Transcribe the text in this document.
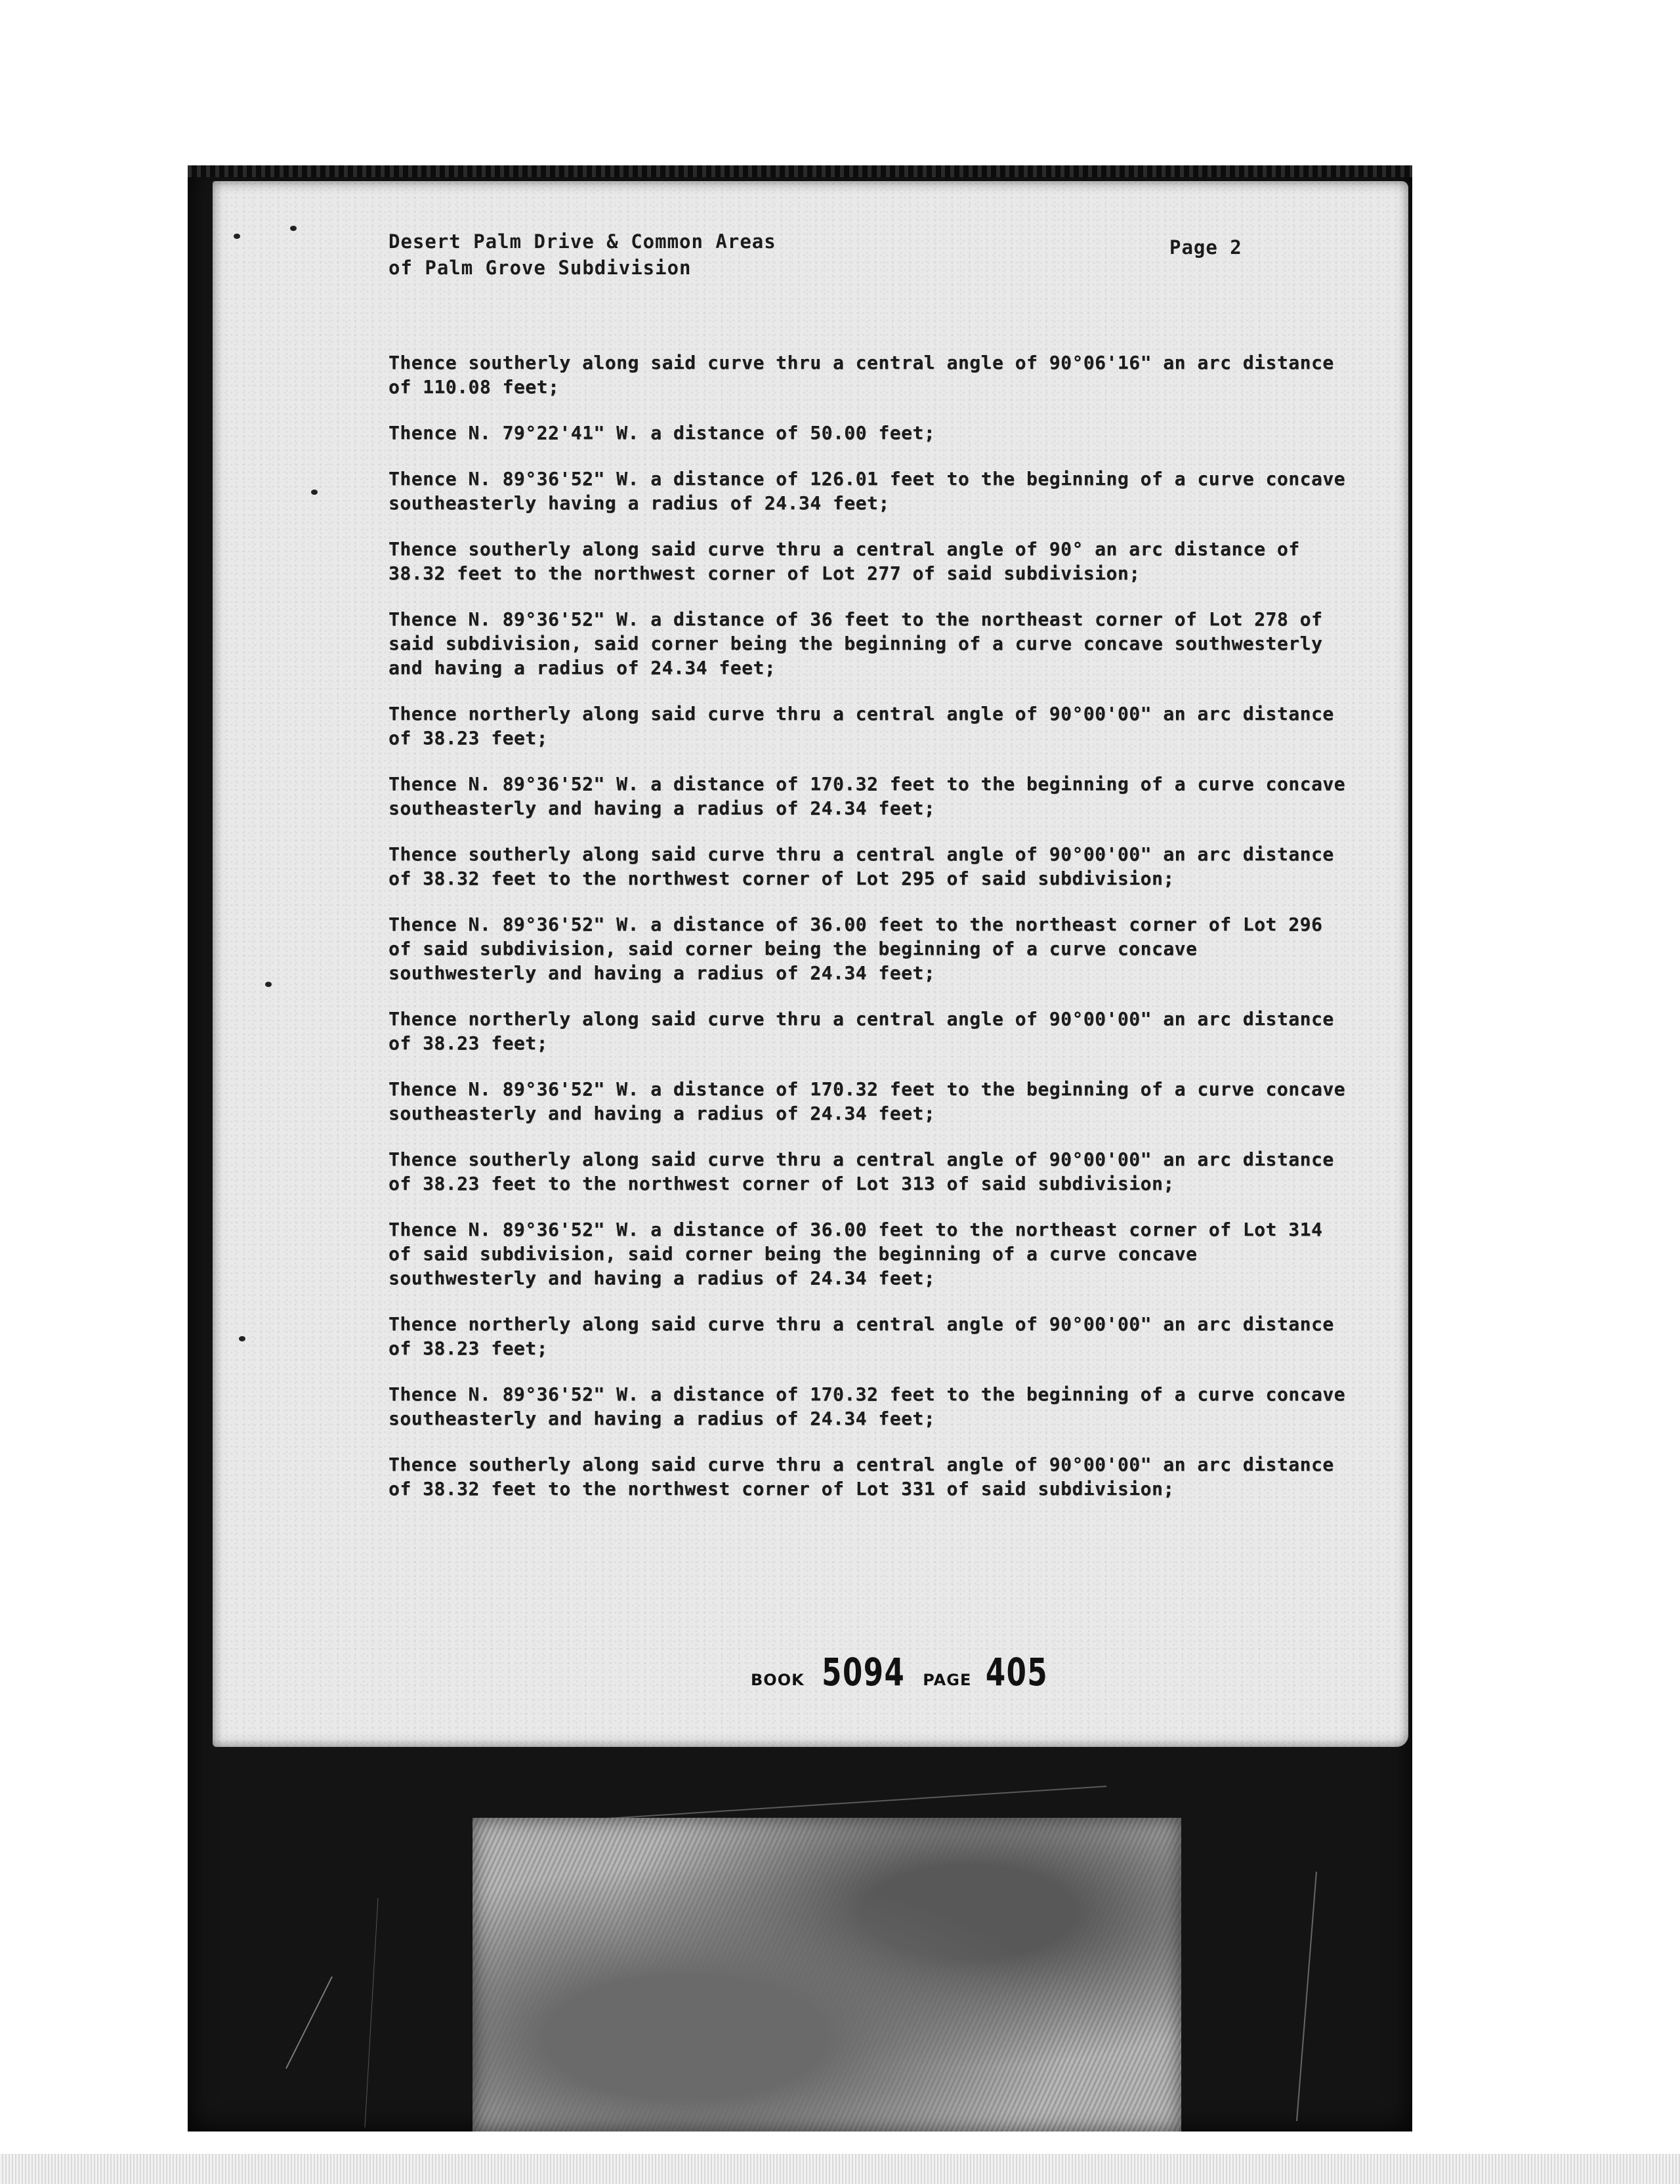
Desert Palm Drive & Common Areas
of Palm Grove Subdivision
Page 2

Thence southerly along said curve thru a central angle of 90°06'16" an arc distance of 110.08 feet;

Thence N. 79°22'41" W. a distance of 50.00 feet;

Thence N. 89°36'52" W. a distance of 126.01 feet to the beginning of a curve concave southeasterly having a radius of 24.34 feet;

Thence southerly along said curve thru a central angle of 90° an arc distance of 38.32 feet to the northwest corner of Lot 277 of said subdivision;

Thence N. 89°36'52" W. a distance of 36 feet to the northeast corner of Lot 278 of said subdivision, said corner being the beginning of a curve concave southwesterly and having a radius of 24.34 feet;

Thence northerly along said curve thru a central angle of 90°00'00" an arc distance of 38.23 feet;

Thence N. 89°36'52" W. a distance of 170.32 feet to the beginning of a curve concave southeasterly and having a radius of 24.34 feet;

Thence southerly along said curve thru a central angle of 90°00'00" an arc distance of 38.32 feet to the northwest corner of Lot 295 of said subdivision;

Thence N. 89°36'52" W. a distance of 36.00 feet to the northeast corner of Lot 296 of said subdivision, said corner being the beginning of a curve concave southwesterly and having a radius of 24.34 feet;

Thence northerly along said curve thru a central angle of 90°00'00" an arc distance of 38.23 feet;

Thence N. 89°36'52" W. a distance of 170.32 feet to the beginning of a curve concave southeasterly and having a radius of 24.34 feet;

Thence southerly along said curve thru a central angle of 90°00'00" an arc distance of 38.23 feet to the northwest corner of Lot 313 of said subdivision;

Thence N. 89°36'52" W. a distance of 36.00 feet to the northeast corner of Lot 314 of said subdivision, said corner being the beginning of a curve concave southwesterly and having a radius of 24.34 feet;

Thence northerly along said curve thru a central angle of 90°00'00" an arc distance of 38.23 feet;

Thence N. 89°36'52" W. a distance of 170.32 feet to the beginning of a curve concave southeasterly and having a radius of 24.34 feet;

Thence southerly along said curve thru a central angle of 90°00'00" an arc distance of 38.32 feet to the northwest corner of Lot 331 of said subdivision;

BOOK 5094 PAGE 405
